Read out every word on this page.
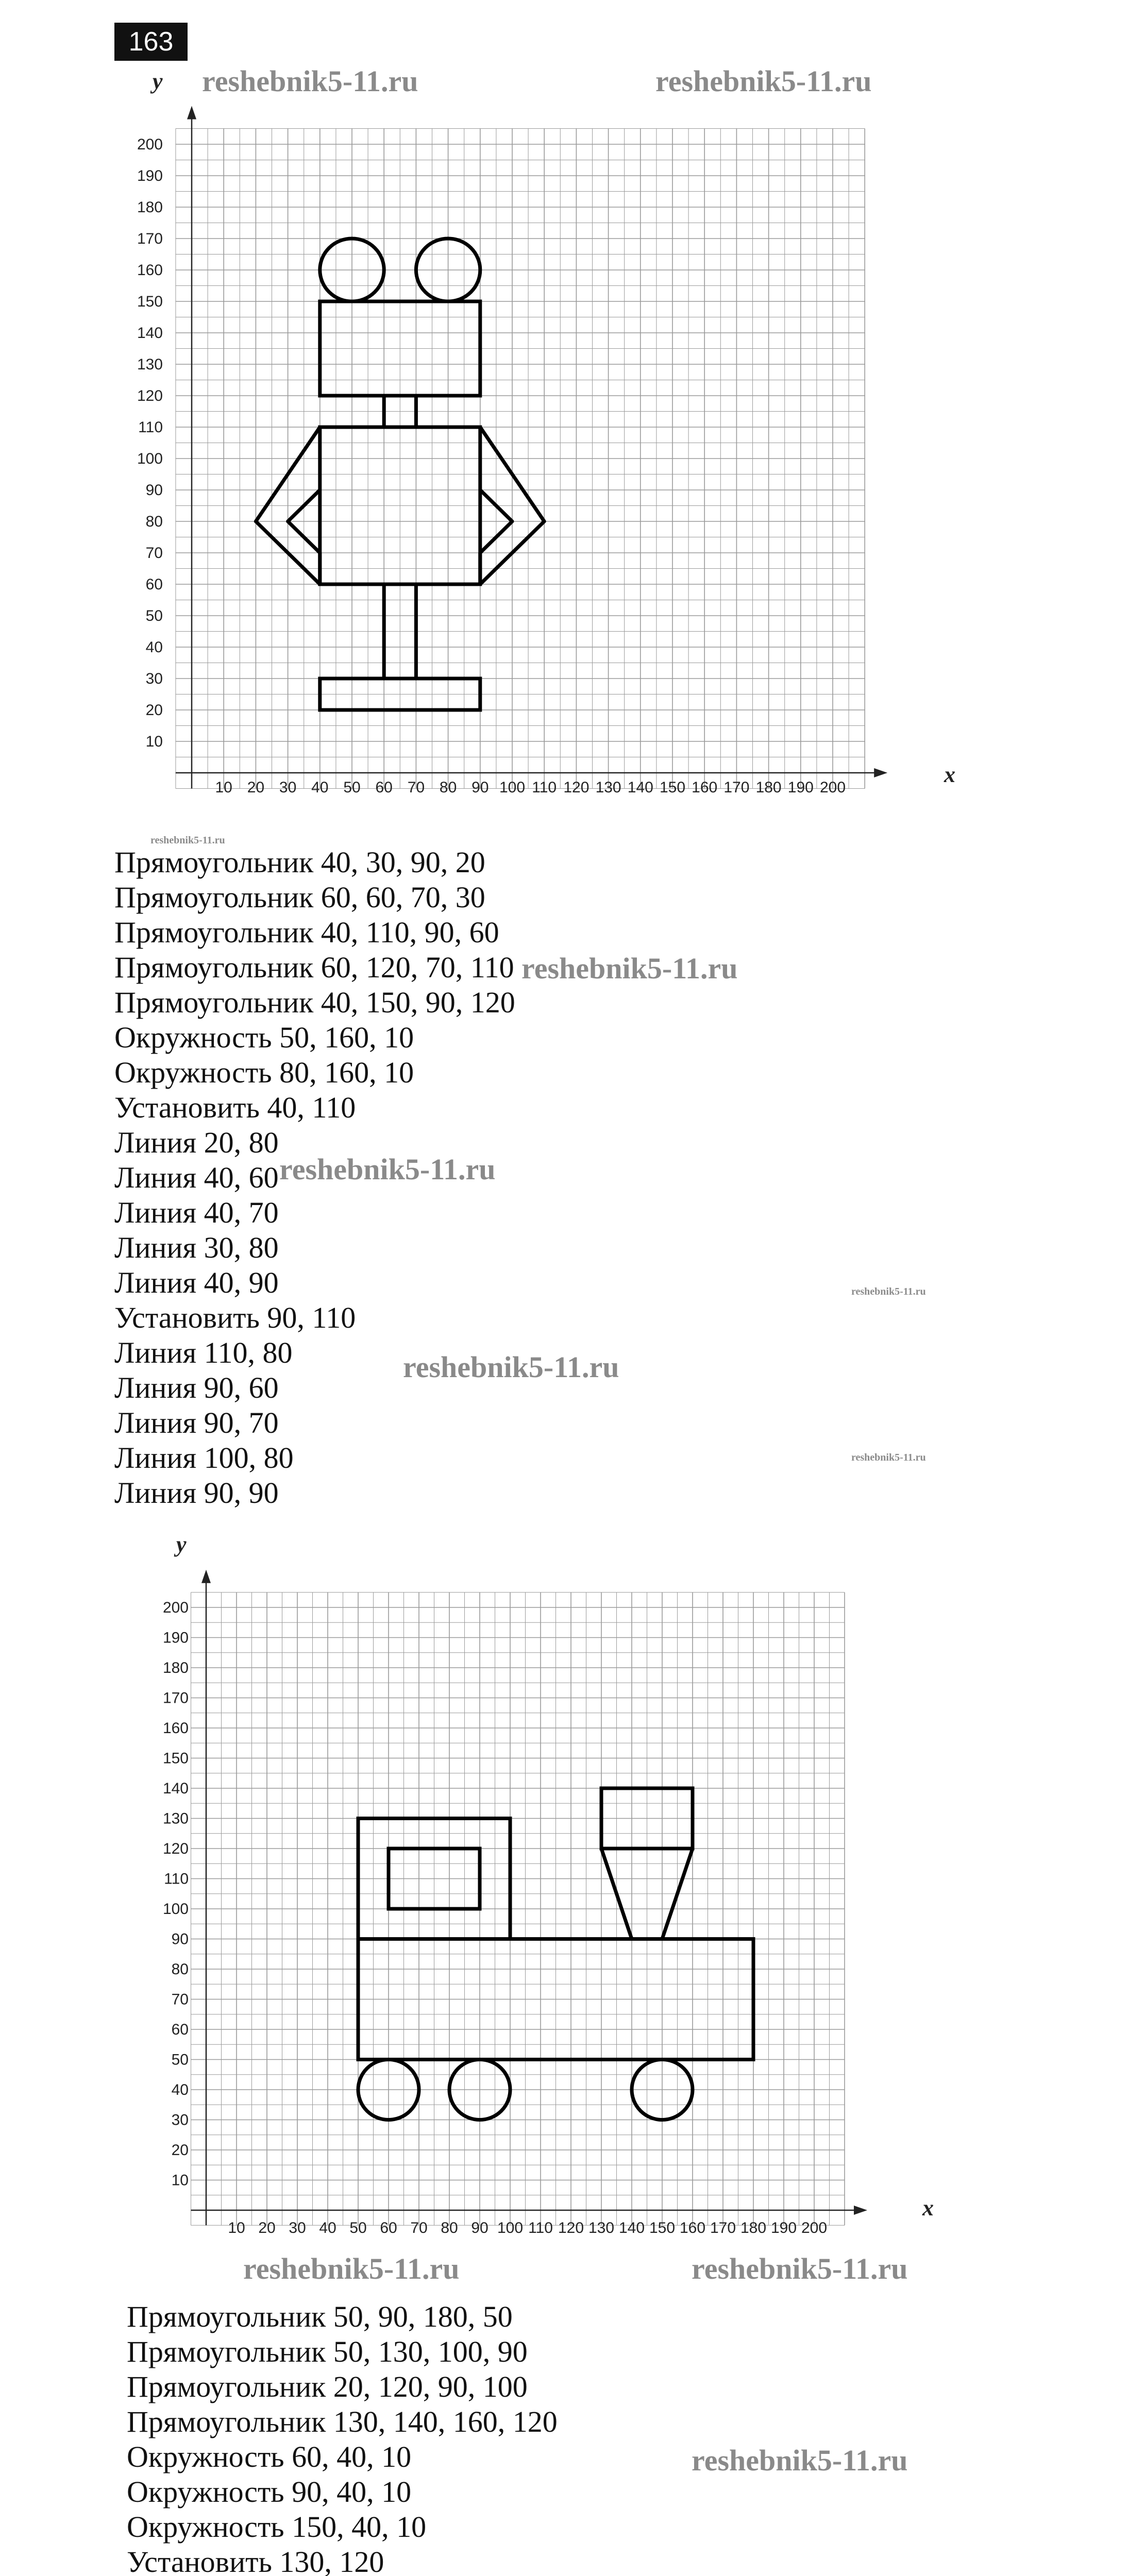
163
10 20 30 40 50 60 70 80 90 100 110 120 130 140 150 160 170 180 190 200
10
20
30
40
50
60
70
80
90
100
110
120
130
140
150
160
170
180
190
200
x
y
Прямоугольник 40, 30, 90, 20
Прямоугольник 60, 60, 70, 30
Прямоугольник 40, 110, 90, 60
Прямоугольник 60, 120, 70, 110
Прямоугольник 40, 150, 90, 120
Окружность 50, 160, 10
Окружность 80, 160, 10
Установить 40, 110
Линия 20, 80
Линия 40, 60
Линия 40, 70
Линия 30, 80
Линия 40, 90
Установить 90, 110
Линия 110, 80
Линия 90, 60
Линия 90, 70
Линия 100, 80
Линия 90, 90
10 20 30 40 50 60 70 80 90 100 110 120 130 140 150 160 170 180 190 200
10
20
30
40
50
60
70
80
90
100
110
120
130
140
150
160
170
180
190
200
x
y
Прямоугольник 50, 90, 180, 50
Прямоугольник 50, 130, 100, 90
Прямоугольник 20, 120, 90, 100
Прямоугольник 130, 140, 160, 120
Окружность 60, 40, 10
Окружность 90, 40, 10
Окружность 150, 40, 10
Установить 130, 120
reshebnik5-11.ru	reshebnik5-11.ru
reshebnik5-11.ru
reshebnik5-11.ru
reshebnik5-11.ru
reshebnik5-11.ru	reshebnik5-11.ru
reshebnik5-11.ru
reshebnik5-11.ru
reshebnik5-11.ru
reshebnik5-11.ru
